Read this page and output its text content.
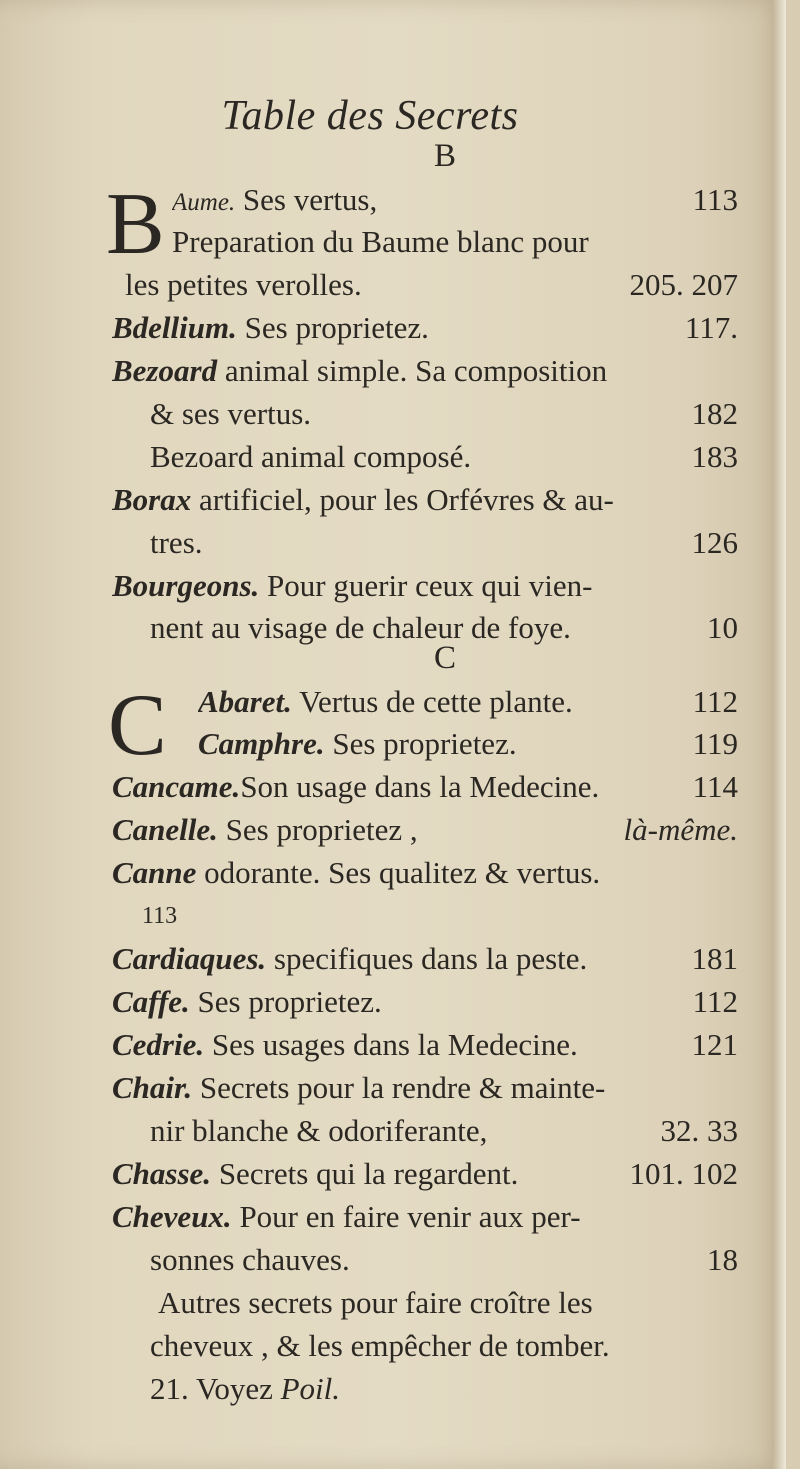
Table des Secrets
B
B Aume. Ses vertus,	113
Preparation du Baume blanc pour
les petites verolles.	205. 207
Bdellium. Ses proprietez.	117.
Bezoard animal simple. Sa composition
& ses vertus.	182
Bezoard animal composé.	183
Borax artificiel, pour les Orfévres & au-
tres.	126
Bourgeons. Pour guerir ceux qui vien-
nent au visage de chaleur de foye.	10
C
C Abaret. Vertus de cette plante.	112
Camphre. Ses proprietez.	119
Cancame.Son usage dans la Medecine.	114
Canelle. Ses proprietez ,	là-même.
Canne odorante. Ses qualitez & vertus.
113
Cardiaques. specifiques dans la peste.	181
Caffe. Ses proprietez.	112
Cedrie. Ses usages dans la Medecine.	121
Chair. Secrets pour la rendre & mainte-
nir blanche & odoriferante,	32. 33
Chasse. Secrets qui la regardent.	101. 102
Cheveux. Pour en faire venir aux per-
sonnes chauves.	18
Autres secrets pour faire croître les
cheveux , & les empêcher de tomber.
21. Voyez Poil.
